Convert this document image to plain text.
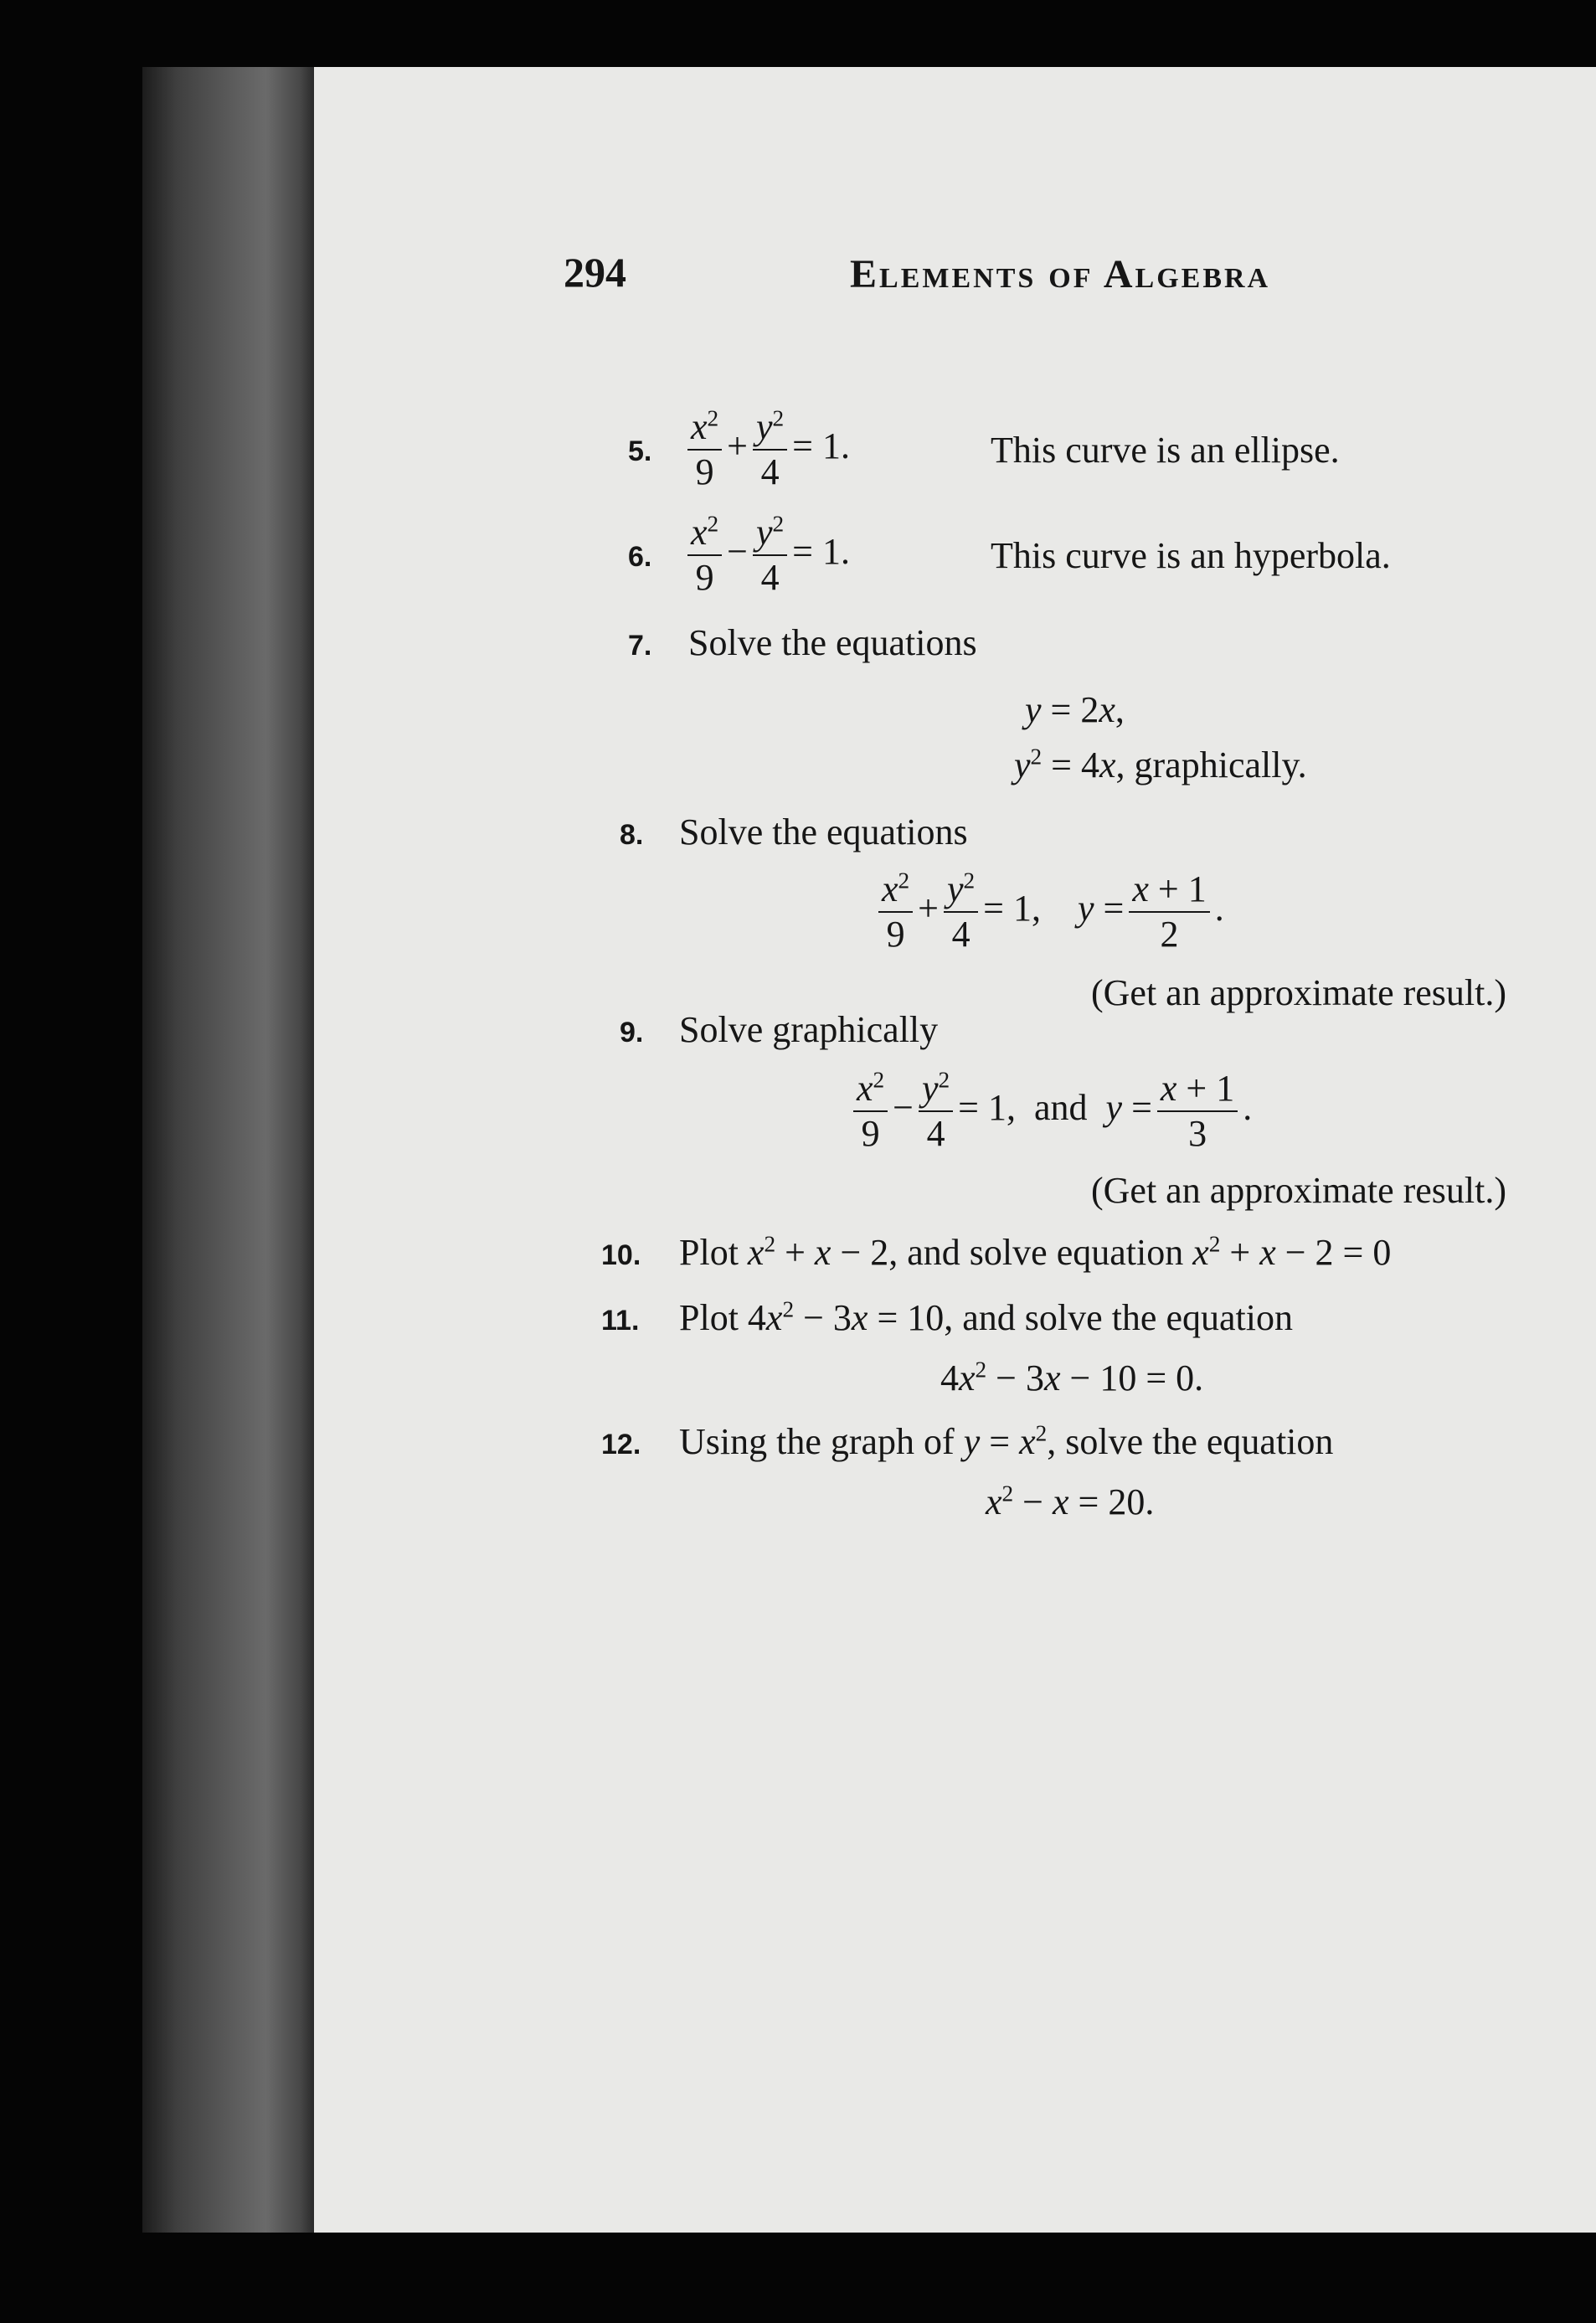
294	Elements of Algebra
5. $\frac{x^2}{9} + \frac{y^2}{4} = 1$.	This curve is an ellipse.
6. $\frac{x^2}{9} - \frac{y^2}{4} = 1$.	This curve is an hyperbola.
7. Solve the equations
y = 2x,
$y^2 = 4x$, graphically.
8. Solve the equations
$\frac{x^2}{9} + \frac{y^2}{4} = 1$,    $y = \frac{x + 1}{2}$ .
(Get an approximate result.)
9. Solve graphically
$\frac{x^2}{9} - \frac{y^2}{4} = 1$,  and $y = \frac{x + 1}{3}$ .
(Get an approximate result.)
10. Plot $x^2 + x - 2$, and solve equation $x^2 + x - 2 = 0$
11. Plot $4x^2 - 3x = 10$, and solve the equation
$4x^2 - 3x - 10 = 0$.
12. Using the graph of $y = x^2$, solve the equation
$x^2 - x = 20$.
